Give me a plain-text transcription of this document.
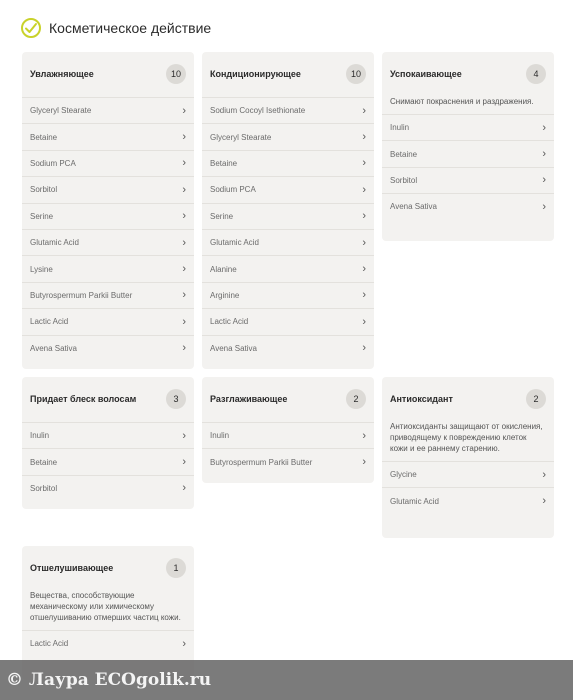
Косметическое действие
Увлажняющее	10
Glyceryl Stearate	›
Betaine	›
Sodium PCA	›
Sorbitol	›
Serine	›
Glutamic Acid	›
Lysine	›
Butyrospermum Parkii Butter	›
Lactic Acid	›
Avena Sativa	›
Кондиционирующее	10
Sodium Cocoyl Isethionate	›
Glyceryl Stearate	›
Betaine	›
Sodium PCA	›
Serine	›
Glutamic Acid	›
Alanine	›
Arginine	›
Lactic Acid	›
Avena Sativa	›
Успокаивающее	4

Снимают покраснения и раздражения.

Inulin	›
Betaine	›
Sorbitol	›
Avena Sativa	›
Придает блеск волосам	3
Inulin	›
Betaine	›
Sorbitol	›
Разглаживающее	2
Inulin	›
Butyrospermum Parkii Butter	›
Антиоксидант	2

Антиоксиданты защищают от окисления, приводящему к повреждению клеток кожи и ее раннему старению.

Glycine	›
Glutamic Acid	›
Отшелушивающее	1

Вещества, способствующие механическому или химическому отшелушиванию отмерших частиц кожи.

Lactic Acid	›
© Лаура ECOgolik.ru
